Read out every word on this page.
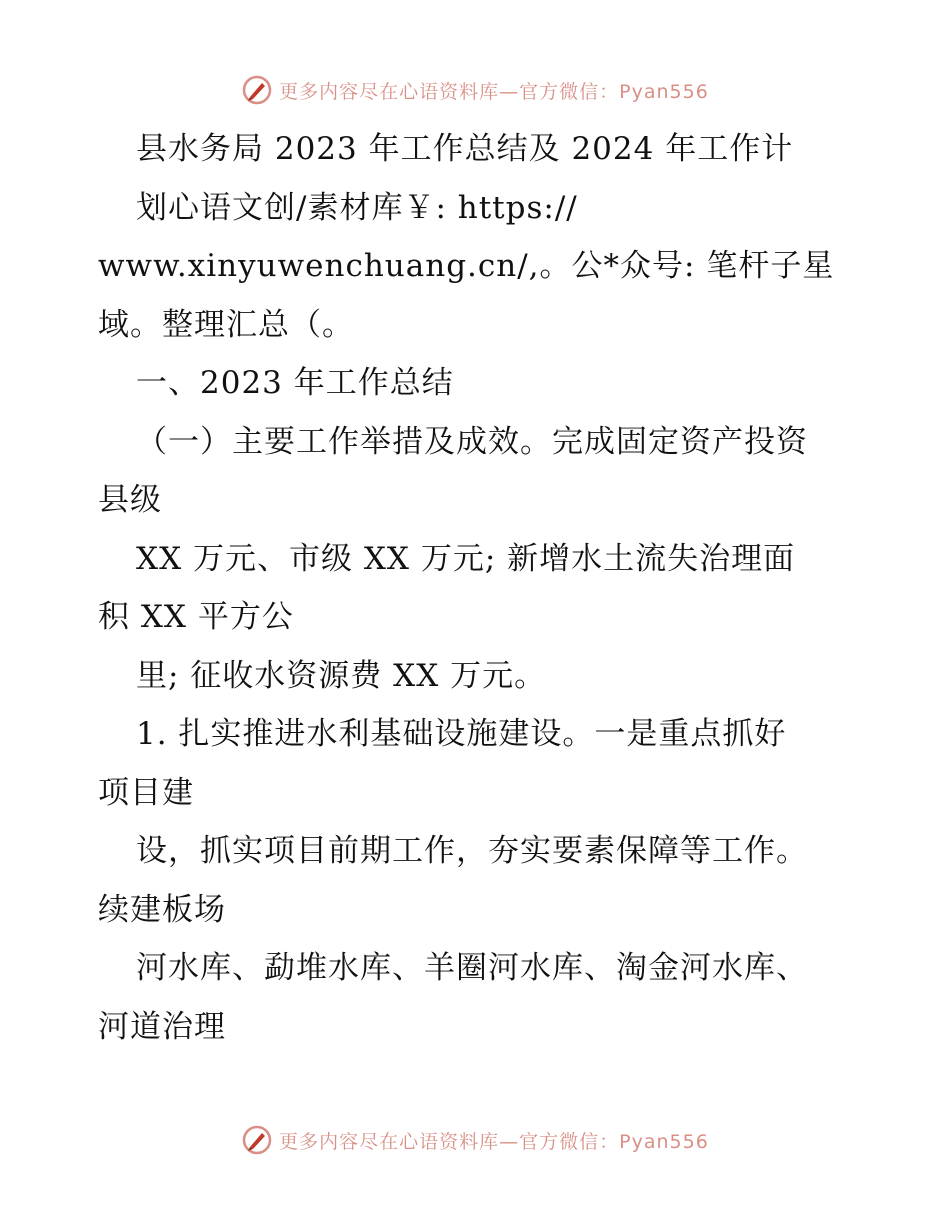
更多内容尽在心语资料库—官方微信：Pyan556
县水务局 2023 年工作总结及 2024 年工作计
划心语文创/素材库￥: https://
www.xinyuwenchuang.cn/,。公*众号: 笔杆子星
域。整理汇总（。
一、2023 年工作总结
（一）主要工作举措及成效。完成固定资产投资
县级
XX 万元、市级 XX 万元; 新增水土流失治理面
积 XX 平方公
里; 征收水资源费 XX 万元。
1. 扎实推进水利基础设施建设。一是重点抓好
项目建
设，抓实项目前期工作，夯实要素保障等工作。
续建板场
河水库、勐堆水库、羊圈河水库、淘金河水库、
河道治理
更多内容尽在心语资料库—官方微信：Pyan556
